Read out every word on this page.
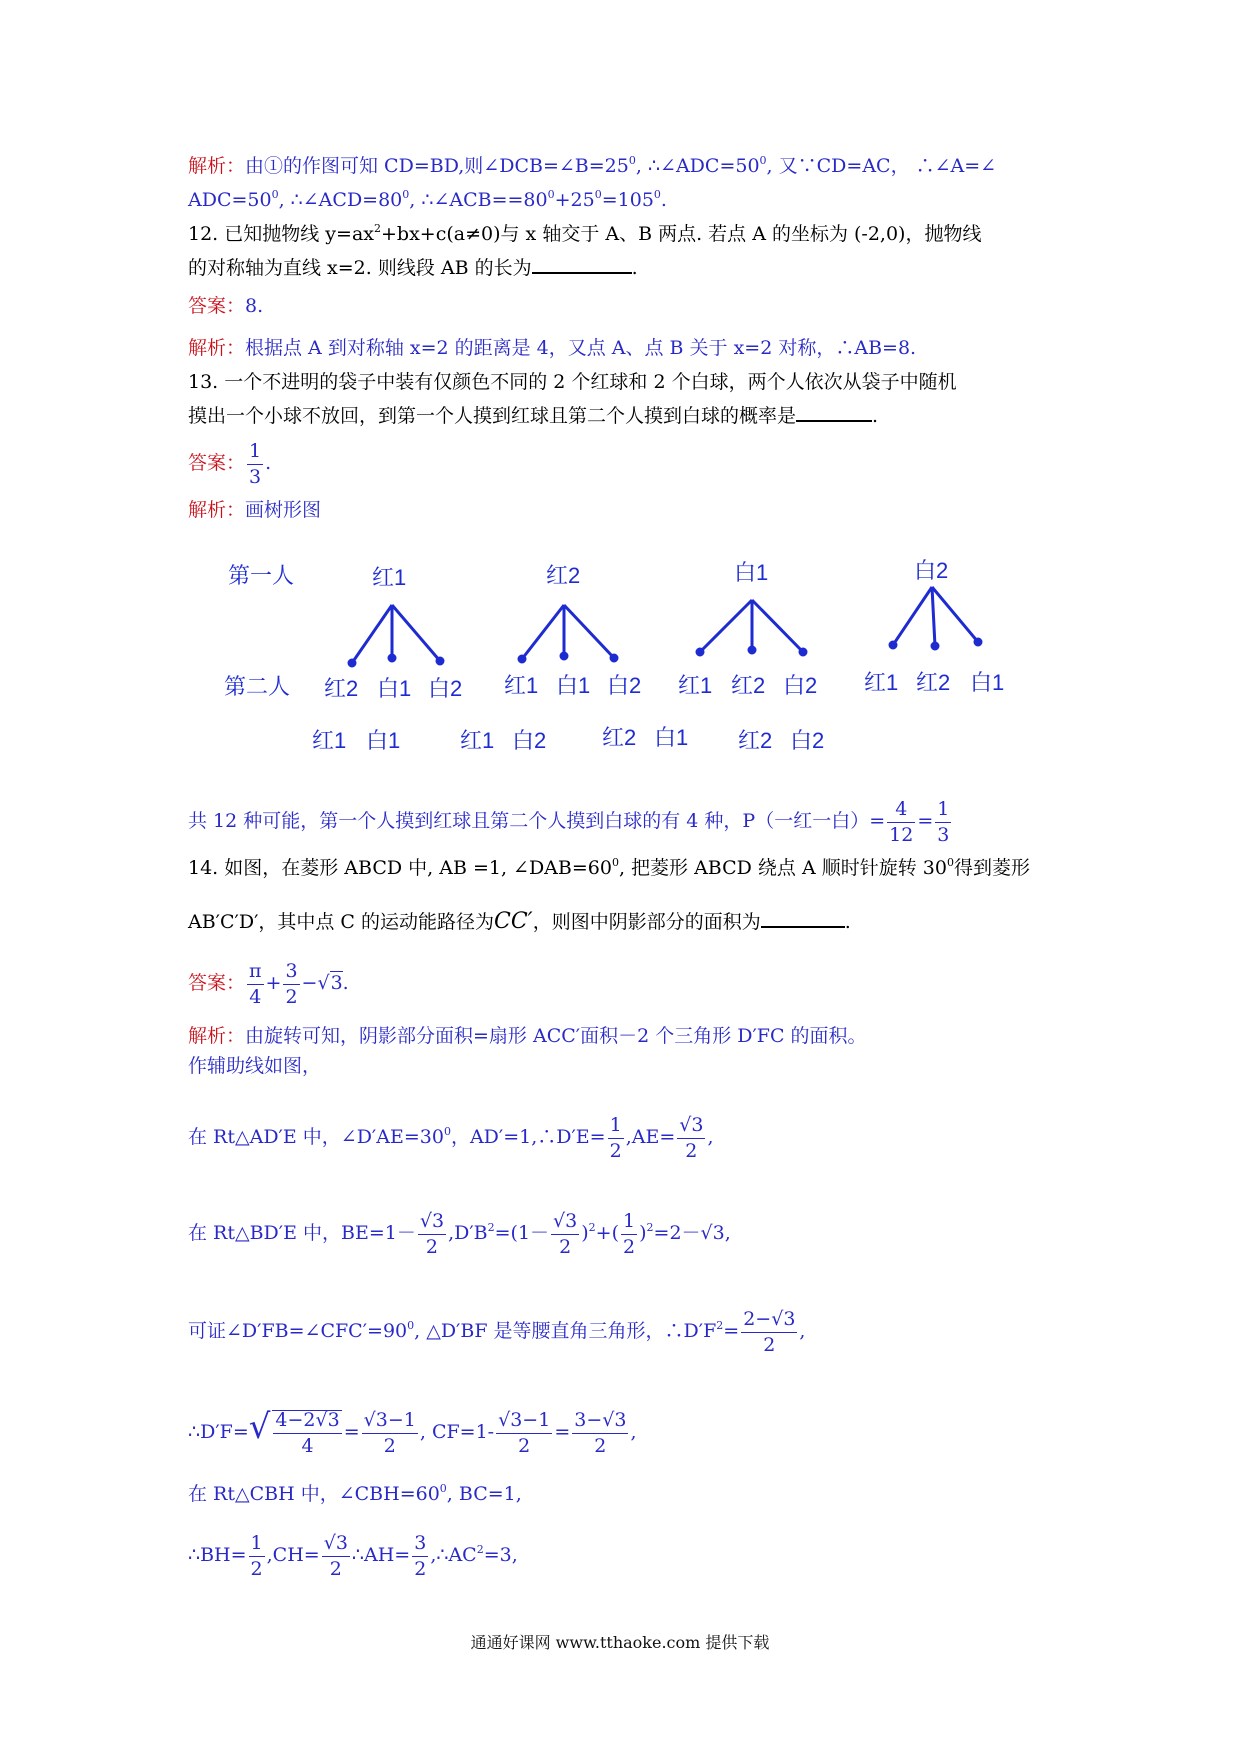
解析：由①的作图可知 CD=BD,则$\angle DCB=\angle B=25^0$, $\therefore\angle ADC=50^0$, 又∵CD=AC， ∴∠A=∠
$ADC=50^0$, $\therefore\angle ACD=80^0$, $\therefore\angle ACB==80^0+25^0=105^0$.
12. 已知抛物线 $y=ax^2+bx+c(a\ne 0)$与 x 轴交于 A、B 两点. 若点 A 的坐标为 (-2,0)，抛物线
的对称轴为直线 x=2. 则线段 AB 的长为	.
答案：8.
解析：根据点 A 到对称轴 x=2 的距离是 4，又点 A、点 B 关于 x=2 对称，∴AB=8.
13. 一个不进明的袋子中装有仅颜色不同的 2 个红球和 2 个白球，两个人依次从袋子中随机
摸出一个小球不放回，到第一个人摸到红球且第二个人摸到白球的概率是	.
答案： $\frac{1}{3}$ .
解析：画树形图
第一人
第二人
红1
红2 白1 白2
红2
红1 白1 白2
白1
红1 红2 白2
白2
红1 红2 白1
红1 白1	红1 白2	红2 白1 红2 白2
共 12 种可能，第一个人摸到红球且第二个人摸到白球的有 4 种，P（一红一白）= $\frac{4}{12} = \frac{1}{3}$
14. 如图，在菱形 ABCD 中, AB =1, $\angle DAB=60^0$, 把菱形 ABCD 绕点 A 顺时针旋转 $30^0$得到菱形
AB′C′D′，其中点 C 的运动能路径为CC′，则图中阴影部分的面积为	.
答案： $\frac{\pi}{4} + \frac{3}{2} -√3$.
解析：由旋转可知，阴影部分面积=扇形 ACC′面积－2 个三角形 D′FC 的面积。
作辅助线如图，
在 Rt△AD′E 中，$\angle D'AE=30^0$，AD′=1,∴D′E= $\frac{1}{2} ,AE= \frac{√3}{2}$ ,
在 Rt△BD′E 中，$BE=1- \frac{√3}{2} ,D'B^2=(1- \frac{√3}{2} )^2+( \frac{1}{2} )^2=2-√3$,
可证$\angle D'FB=\angle CFC'=90^0$, △D′BF 是等腰直角三角形，$\therefore D'F^2= \frac{2-√3}{2}$ ,
∴D′F=√ $\frac{4-2√3}{4} = \frac{√3-1}{2}$ , $CF=1- \frac{√3-1}{2} = \frac{3-√3}{2}$ ,
在 Rt△CBH 中，$\angle CBH=60^0$, BC=1,
∴BH= $\frac{1}{2} ,CH= \frac{√3}{2}$ ∴AH= $\frac{3}{2}$ $,\therefore AC^2=3$,
通通好课网 www.tthaoke.com 提供下载
